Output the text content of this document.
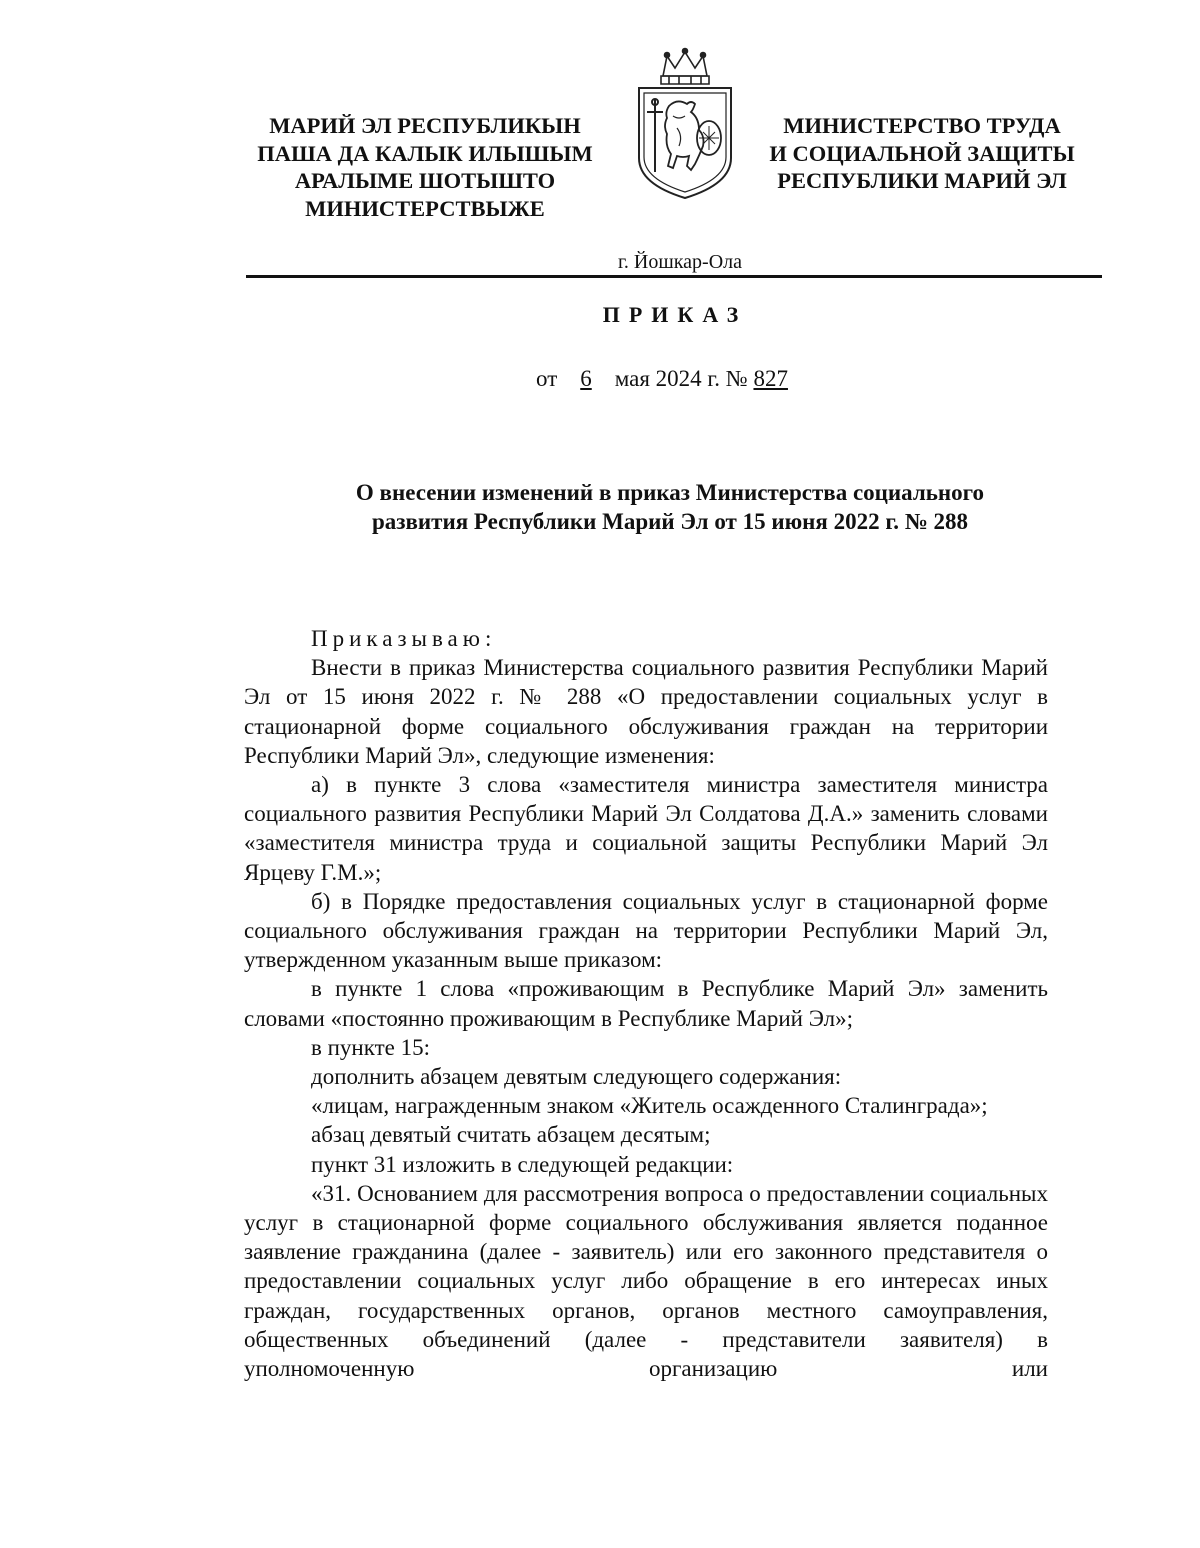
МАРИЙ ЭЛ РЕСПУБЛИКЫН
ПАША ДА КАЛЫК ИЛЫШЫМ
АРАЛЫМЕ ШОТЫШТО
МИНИСТЕРСТВЫЖЕ
МИНИСТЕРСТВО ТРУДА
И СОЦИАЛЬНОЙ ЗАЩИТЫ
РЕСПУБЛИКИ МАРИЙ ЭЛ
г. Йошкар-Ола
ПРИКАЗ
от 6 мая 2024 г. № 827
О внесении изменений в приказ Министерства социального
развития Республики Марий Эл от 15 июня 2022 г. № 288

Приказываю:

Внести в приказ Министерства социального развития Республики Марий Эл от 15 июня 2022 г. № 288 «О предоставлении социальных услуг в стационарной форме социального обслуживания граждан на территории Республики Марий Эл», следующие изменения:

а) в пункте 3 слова «заместителя министра заместителя министра социального развития Республики Марий Эл Солдатова Д.А.» заменить словами «заместителя министра труда и социальной защиты Республики Марий Эл Ярцеву Г.М.»;

б) в Порядке предоставления социальных услуг в стационарной форме социального обслуживания граждан на территории Республики Марий Эл, утвержденном указанным выше приказом:

в пункте 1 слова «проживающим в Республике Марий Эл» заменить словами «постоянно проживающим в Республике Марий Эл»;

в пункте 15:

дополнить абзацем девятым следующего содержания:

«лицам, награжденным знаком «Житель осажденного Сталинграда»;

абзац девятый считать абзацем десятым;

пункт 31 изложить в следующей редакции:

«31. Основанием для рассмотрения вопроса о предоставлении социальных услуг в стационарной форме социального обслуживания является поданное заявление гражданина (далее - заявитель) или его законного представителя о предоставлении социальных услуг либо обращение в его интересах иных граждан, государственных органов, органов местного самоуправления, общественных объединений (далее - представители заявителя) в уполномоченную организацию или
